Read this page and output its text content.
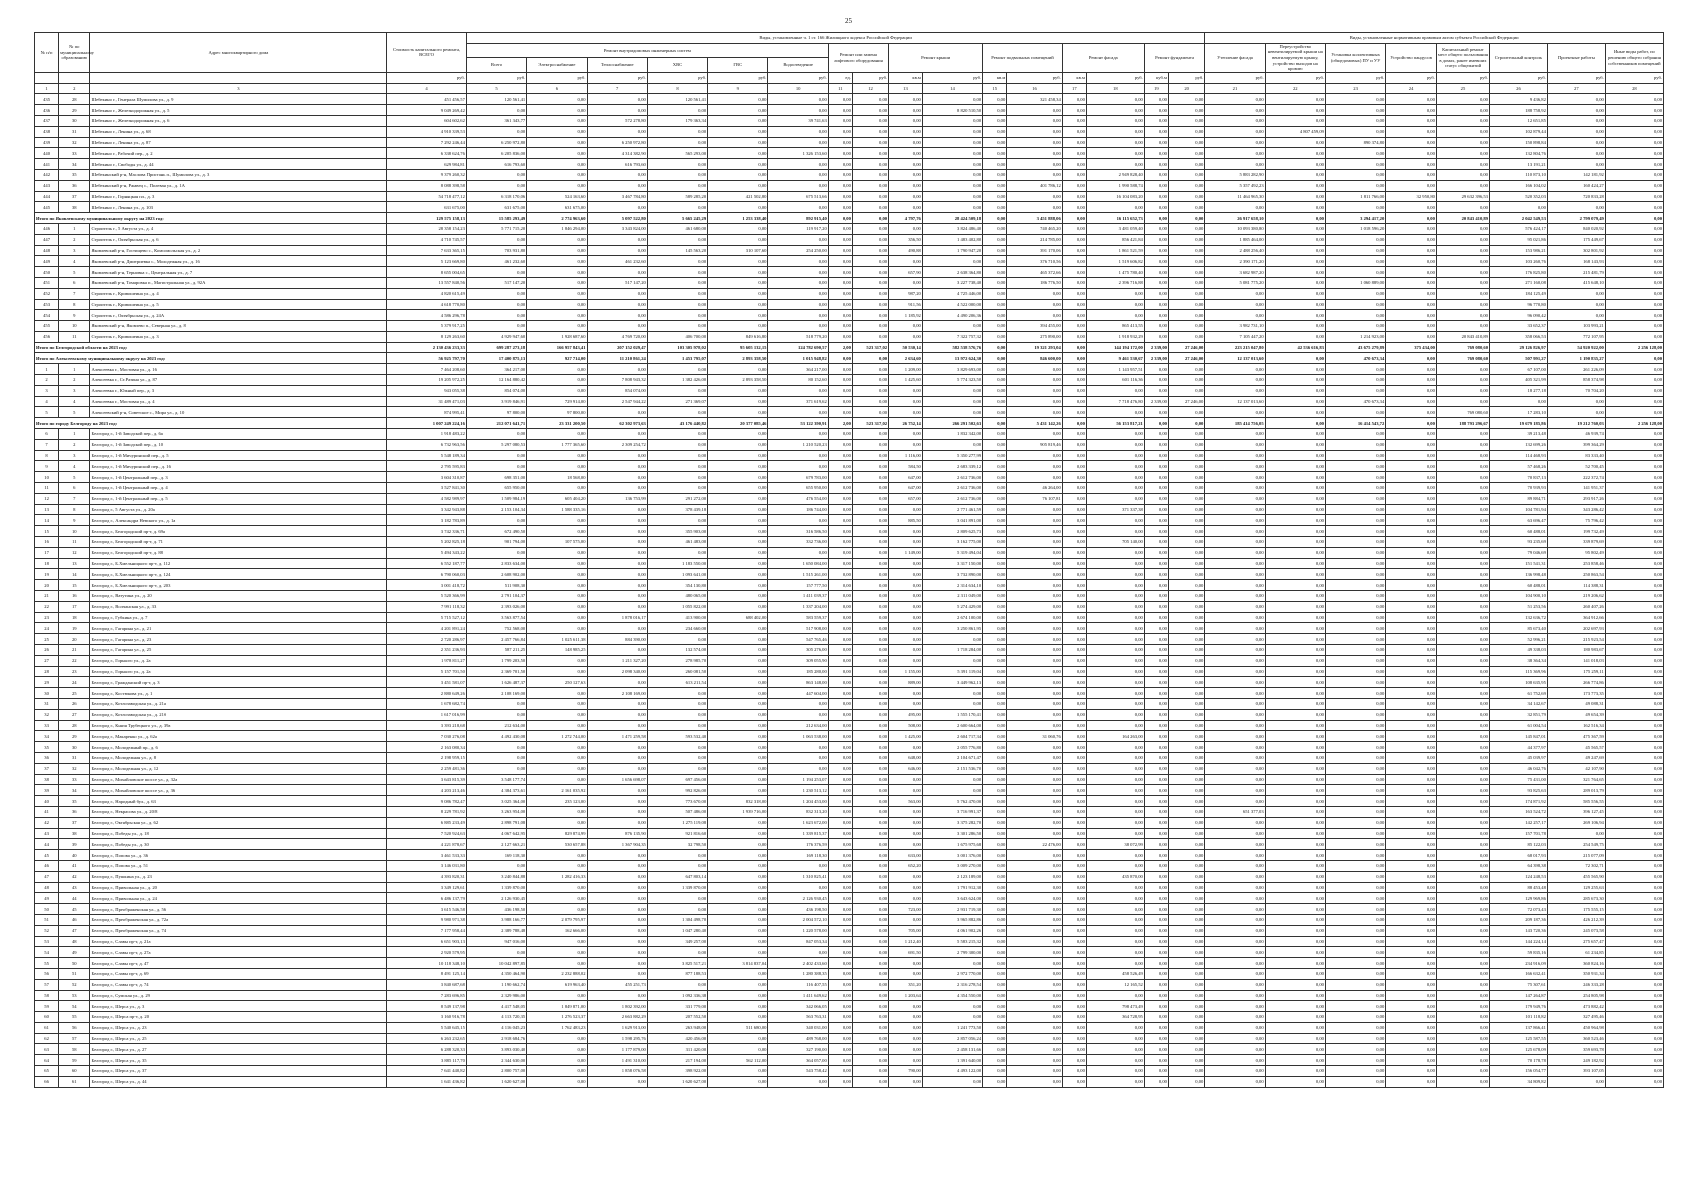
25
№ п/п	№ по муниципальному образованию	Адрес многоквартирного дома	Стоимость капитального ремонта, ВСЕГО	Виды, установленные ч. 1 ст. 166 Жилищного кодекса Российской Федерации																Виды, установленные нормативным правовым актом субъекта Российской Федерации							
				Ремонт внутридомовых инженерных систем						Ремонт или замена лифтового оборудования		Ремонт крыши		Ремонт подвальных помещений		Ремонт фасада		Ремонт фундамента		Утепление фасада	Переустройство невентилируемой крыши на вентилируемую крышу, устройство выходов на кровлю	Установка коллективных (общедомовых) ПУ и УУ	Устройство пандусов	Капитальный ремонт мест общего пользования в домах, ранее имевших статус общежитий	Строительный контроль	Проектные работы	Иные виды работ, по решению общего собрания собственников помещений
				Всего	Электроснабжение	Теплоснабжение	ХВС	ГВС	Водоотведение																		
			руб.	руб.	руб.	руб.	руб.	руб.	руб.	ед.	руб.	кв.м	руб.	кв.м	руб.	кв.м	руб.	куб.м	руб.	руб.	руб.	руб.	руб.	руб.	руб.	руб.	руб.
1	2	3	4	5	6	7	8	9	10	11	12	13	14	15	16	17	18	19	20	21	22	23	24	25	26	27	28
435	28	Шебекино г., Генерала Шумилова ул., д. 9	451 456,57	120 561,41	0,00	0,00	120 561,41	0,00	0,00	0,00	0,00	0,00	0,00	0,00	321 458,34	0,00	0,00	0,00	0,00	0,00	0,00	0,00	0,00	0,00	9 436,82	0,00	0,00
436	29	Шебекино г., Железнодорожная ул., д. 5	9 049 269,42	0,00	0,00	0,00	0,00	0,00	0,00	0,00	0,00	0,00	8 820 510,50	0,00	0,00	0,00	0,00	0,00	0,00	0,00	0,00	0,00	0,00	0,00	188 758,92	0,00	0,00
437	30	Шебекино г., Железнодорожная ул., д. 6	604 602,62	361 343,77	0,00	572 278,80	179 363,34	0,00	39 741,63	0,00	0,00	0,00	0,00	0,00	0,00	0,00	0,00	0,00	0,00	0,00	0,00	0,00	0,00	0,00	12 651,85	0,00	0,00
438	31	Шебекино г., Ленина ул., д. 68	4 910 339,53	0,00	0,00	0,00	0,00	0,00	0,00	0,00	0,00	0,00	0,00	0,00	0,00	0,00	0,00	0,00	0,00	0,00	4 807 459,09	0,00	0,00	0,00	102 879,44	0,00	0,00
439	32	Шебекино г., Ленина ул., д. 87	7 292 246,44	6 250 972,80	0,00	6 250 972,80	0,00	0,00	0,00	0,00	0,00	0,00	0,00	0,00	0,00	0,00	0,00	0,00	0,00	0,00	0,00	890 374,80	0,00	0,00	150 898,84	0,00	0,00
440	33	Шебекино г., Рабочий пер., д. 2	6 338 624,76	6 205 836,00	0,00	4 314 382,90	565 293,00	0,00	1 326 153,60	0,00	0,00	0,00	0,00	0,00	0,00	0,00	0,00	0,00	0,00	0,00	0,00	0,00	0,00	0,00	132 804,76	0,00	0,00
441	34	Шебекино г., Свободы ул., д. 44	629 984,81	616 793,60	0,00	616 793,60	0,00	0,00	0,00	0,00	0,00	0,00	0,00	0,00	0,00	0,00	0,00	0,00	0,00	0,00	0,00	0,00	0,00	0,00	13 191,21	0,00	0,00
442	35	Шебекинский р-н, Маслова Пристань п., Шумилова ул., д. 3	9 379 260,32	0,00	0,00	0,00	0,00	0,00	0,00	0,00	0,00	0,00	0,00	0,00	0,00	0,00	2 949 828,40	0,00	0,00	5 883 282,90	0,00	0,00	0,00	0,00	110 873,10	142 181,92	0,00
443	36	Шебекинский р-н, Ржавец с., Полевая ул., д. 1А	8 088 398,58	0,00	0,00	0,00	0,00	0,00	0,00	0,00	0,00	0,00	0,00	0,00	401 786,12	0,00	1 990 588,74	0,00	0,00	5 357 492,23	0,00	0,00	0,00	0,00	166 104,02	160 424,27	0,00
444	37	Шебекино г., Горняцкая пл., д. 3	54 718 477,12	6 318 170,06	524 163,60	3 467 784,80	589 285,20	421 502,80	675 513,66	0,00	0,00	0,00	0,00	0,00	0,00	0,00	16 104 083,20	0,00	0,00	11 464 965,30	0,00	1 811 766,00	32 950,80	29 632 396,53	520 352,03	720 833,28	0,00
445	38	Шебекино г., Ленина ул., д. 103	631 675,00	631 675,00	631 675,00	0,00	0,00	0,00	0,00	0,00	0,00	0,00	0,00	0,00	0,00	0,00	0,00	0,00	0,00	0,00	0,00	0,00	0,00	0,00	0,00	0,00	0,00
Итого по Яковлевскому муниципальному округу на 2023 год:			129 575 158,13	15 585 293,49	2 774 963,60	5 097 522,80	5 665 245,29	1 253 338,40	892 915,40	0,00	0,00	4 797,76	28 424 509,18	0,00	3 451 888,06	0,00	16 115 652,73	0,00	0,00	26 917 658,10	0,00	3 294 417,20	0,00	20 843 410,89	2 042 549,53	2 799 079,49	0,00
446	1	Строитель г., 5 Августа ул., д. 4	28 358 154,23	5 771 715,20	1 846 294,00	3 343 824,00	461 680,00	0,00	119 917,20	0,00	0,00	0,00	3 824 486,40	0,00	740 465,20	0,00	3 481 059,40	0,00	0,00	10 093 380,80	0,00	1 018 596,20	0,00	0,00	576 424,17	840 020,92	0,00
447	2	Строитель г., Октябрьская ул., д. 6	4 710 745,57	0,00	0,00	0,00	0,00	0,00	0,00	0,00	0,00	356,50	1 483 402,80	0,00	214 785,00	0,00	856 421,84	0,00	0,00	1 885 464,00	0,00	0,00	0,00	0,00	95 021,86	175 449,67	0,00
448	3	Яковлевский р-н, Гостищево с., Комсомольская ул., д. 2	7 633 365,15	703 931,80	0,00	0,00	145 563,20	310 107,60	254 250,00	0,00	0,00	490,88	1 790 947,20	0,00	391 170,06	0,00	1 861 521,59	0,00	0,00	2 488 256,40	0,00	0,00	0,00	0,00	153 986,21	302 801,92	0,00
449	4	Яковлевский р-н, Дмитриевка с., Молодежная ул., д. 16	5 123 669,80	461 232,60	0,00	461 232,60	0,00	0,00	0,00	0,00	0,00	0,00	0,00	0,00	376 710,56	0,00	1 519 606,82	0,00	0,00	2 390 171,20	0,00	0,00	0,00	0,00	103 260,76	168 143,93	0,00
450	5	Яковлевский р-н, Терновка с., Центральная ул., д. 7	8 655 004,65	0,00	0,00	0,00	0,00	0,00	0,00	0,00	0,00	657,90	2 638 364,80	0,00	465 372,66	0,00	1 475 780,40	0,00	0,00	3 682 987,20	0,00	0,00	0,00	0,00	176 825,80	215 481,79	0,00
451	6	Яковлевский р-н, Томаровка п., Магистральная ул., д. 92А	13 557 840,56	517 147,20	0,00	517 147,20	0,00	0,00	0,00	0,00	0,00	0,00	3 227 738,40	0,00	186 776,50	0,00	2 396 716,88	0,00	0,00	5 081 775,20	0,00	1 060 889,00	0,00	0,00	271 160,08	415 648,10	0,00
452	7	Строитель г., Кривошеина ул., д. 4	4 820 615,49	0,00	0,00	0,00	0,00	0,00	0,00	0,00	0,00	987,20	4 725 446,00	0,00	0,00	0,00	0,00	0,00	0,00	0,00	0,00	0,00	0,00	0,00	184 125,49	0,00	0,00
453	8	Строитель г., Кривошеина ул., д. 5	4 618 770,80	0,00	0,00	0,00	0,00	0,00	0,00	0,00	0,00	911,56	4 522 000,00	0,00	0,00	0,00	0,00	0,00	0,00	0,00	0,00	0,00	0,00	0,00	96 770,80	0,00	0,00
454	9	Строитель г., Октябрьская ул., д. 24А	4 586 296,78	0,00	0,00	0,00	0,00	0,00	0,00	0,00	0,00	1 185,92	4 490 206,36	0,00	0,00	0,00	0,00	0,00	0,00	0,00	0,00	0,00	0,00	0,00	96 090,42	0,00	0,00
455	10	Яковлевский р-н, Яковлево п., Северная ул., д. 8	5 379 917,25	0,00	0,00	0,00	0,00	0,00	0,00	0,00	0,00	0,00	0,00	0,00	394 455,00	0,00	865 413,55	0,00	0,00	3 982 731,10	0,00	0,00	0,00	0,00	33 652,37	103 993,21	0,00
456	11	Строитель г., Кривошеина ул., д. 3	8 129 263,60	4 929 947,60	1 928 687,60	4 769 720,00	406 700,00	849 616,80	518 779,20	0,00	0,00	0,00	7 322 757,32	0,00	275 890,00	0,00	1 918 932,29	0,00	0,00	7 105 447,20	0,00	1 214 923,00	0,00	20 843 410,89	358 066,53	772 107,95	0,00
Итого по Белгородской области на 2023 год:			2 130 436 233,33	699 287 273,18	166 957 843,41	207 152 029,47	103 305 978,02	95 605 132,15	124 782 690,57	2,00	523 317,02	50 530,14	582 538 576,76	0,00	19 321 293,04	0,00	144 194 172,00	2 339,00	27 246,00	223 215 047,80	42 536 616,83	43 675 279,89	375 434,00	769 080,60	29 126 826,97	54 920 922,00	2 256 128,00
Итого по Алексеевскому муниципальному округу на 2023 год:			56 925 797,70	17 400 875,13	927 714,00	11 210 861,24	1 453 795,07	2 893 358,50	1 015 948,82	0,00	0,00	2 634,60	13 972 624,30	0,00	846 600,00	0,00	9 461 530,67	2 339,00	27 246,00	12 137 013,60	0,00	470 673,34	0,00	769 080,60	507 991,27	1 190 835,27	0,00
1	1	Алексеевка г., Мостовая ул., д. 16	7 464 208,60	364 217,00	0,00	0,00	0,00	0,00	364 217,00	0,00	0,00	1 209,00	3 829 693,00	0,00	0,00	0,00	1 143 957,51	0,00	0,00	0,00	0,00	0,00	0,00	0,00	67 107,00	261 226,09	0,00
2	2	Алексеевка г., Ст.Разина ул., д. 87	19 205 972,25	12 164 880,42	0,00	7 808 943,32	1 382 426,00	2 893 358,50	80 152,60	0,00	0,00	1 425,60	5 774 323,50	0,00	0,00	0,00	601 116,36	0,00	0,00	0,00	0,00	0,00	0,00	0,00	405 321,99	858 374,98	0,00
3	3	Алексеевка г., Южный пер., д. 3	943 055,38	854 074,00	0,00	854 074,00	0,00	0,00	0,00	0,00	0,00	0,00	0,00	0,00	0,00	0,00	0,00	0,00	0,00	0,00	0,00	0,00	0,00	0,00	18 277,18	70 704,20	0,00
4	4	Алексеевка г., Мостовая ул., д. 4	31 489 471,03	3 919 846,91	729 914,00	2 547 944,22	271 369,07	0,00	371 619,62	0,00	0,00	0,00	0,00	0,00	0,00	0,00	7 718 476,80	2 339,00	27 246,00	12 137 013,60	0,00	470 673,34	0,00	0,00	0,00	0,00	0,00
5	5	Алексеевский р-н, Советское с., Мира ул., д. 10	874 995,41	97 800,00	97 800,00	0,00	0,00	0,00	0,00	0,00	0,00	0,00	0,00	0,00	0,00	0,00	0,00	0,00	0,00	0,00	0,00	0,00	0,00	769 080,60	17 283,10	0,00	0,00
Итого по городу Белгороду на 2023 год:			1 007 249 224,16	212 071 641,71	23 331 200,50	62 302 973,63	43 176 440,82	20 377 085,46	53 122 390,91	2,00	523 317,02	26 752,14	266 291 502,63	0,00	5 431 142,26	0,00	56 153 817,21	0,00	0,00	185 414 756,05	0,00	16 414 543,72	0,00	188 793 296,67	19 679 185,86	19 212 760,03	2 256 128,00
6	1	Белгород г., 1-й Заводской пер., д. 6а	1 918 483,22	0,00	0,00	0,00	0,00	0,00	0,00	0,00	0,00	0,00	1 832 342,00	0,00	0,00	0,00	0,00	0,00	0,00	0,00	0,00	0,00	0,00	0,00	39 213,48	46 939,74	0,00
7	2	Белгород г., 1-й Заводской пер., д. 10	6 732 963,56	5 297 080,53	1 777 365,60	2 309 254,72	0,00	0,00	1 210 520,23	0,00	0,00	0,00	0,00	0,00	905 819,46	0,00	0,00	0,00	0,00	0,00	0,00	0,00	0,00	0,00	132 699,26	399 364,29	0,00
8	3	Белгород г., 1-й Мичуринский пер., д. 5	5 548 189,34	0,00	0,00	0,00	0,00	0,00	0,00	0,00	0,00	1 116,00	5 350 277,99	0,00	0,00	0,00	0,00	0,00	0,00	0,00	0,00	0,00	0,00	0,00	114 468,93	83 333,40	0,00
9	4	Белгород г., 1-й Мичуринский пер., д. 16	2 795 595,83	0,00	0,00	0,00	0,00	0,00	0,00	0,00	0,00	584,50	2 683 339,12	0,00	0,00	0,00	0,00	0,00	0,00	0,00	0,00	0,00	0,00	0,00	57 468,26	52 700,45	0,00
10	5	Белгород г., 1-й Центральный пер., д. 3	3 604 310,87	698 351,00	18 568,00	0,00	0,00	0,00	679 783,00	0,00	0,00	647,00	2 612 736,00	0,00	0,00	0,00	0,00	0,00	0,00	0,00	0,00	0,00	0,00	0,00	70 837,13	222 372,74	0,00
11	6	Белгород г., 1-й Центральный пер., д. 4	3 527 841,30	655 950,00	0,00	0,00	0,00	0,00	655 950,00	0,00	0,00	647,00	2 612 736,00	0,00	46 264,00	0,00	0,00	0,00	0,00	0,00	0,00	0,00	0,00	0,00	70 939,93	141 951,37	0,00
12	7	Белгород г., 1-й Центральный пер., д. 5	4 582 989,97	1 509 984,19	605 404,20	136 753,99	291 272,00	0,00	476 554,00	0,00	0,00	657,00	2 612 736,00	0,00	76 107,81	0,00	0,00	0,00	0,00	0,00	0,00	0,00	0,00	0,00	89 884,71	293 917,26	0,00
13	8	Белгород г., 5 Августа ул., д. 20а	3 342 943,88	2 153 104,34	1 588 335,16	0,00	378 439,18	0,00	186 744,00	0,00	0,00	0,00	2 771 461,59	0,00	0,00	0,00	371 337,38	0,00	0,00	0,00	0,00	0,00	0,00	0,00	104 781,94	343 286,42	0,00
14	9	Белгород г., Александра Невского ул., д. 1а	3 182 783,89	0,00	0,00	0,00	0,00	0,00	0,00	0,00	0,00	885,50	3 041 891,00	0,00	0,00	0,00	0,00	0,00	0,00	0,00	0,00	0,00	0,00	0,00	63 696,47	75 796,42	0,00
15	10	Белгород г., Белгородский пр-т, д. 69а	3 742 336,71	672 490,50	0,00	0,00	355 903,00	0,00	316 586,50	0,00	0,00	0,00	2 809 625,73	0,00	0,00	0,00	0,00	0,00	0,00	0,00	0,00	0,00	0,00	0,00	60 488,01	199 732,49	0,00
16	11	Белгород г., Белгородский пр-т, д. 71	5 202 825,18	901 794,00	107 575,00	0,00	461 483,00	0,00	332 736,00	0,00	0,00	0,00	3 162 775,00	0,00	0,00	0,00	705 140,00	0,00	0,00	0,00	0,00	0,00	0,00	0,00	93 235,69	339 879,69	0,00
17	12	Белгород г., Белгородский пр-т, д. 88	5 494 343,22	0,00	0,00	0,00	0,00	0,00	0,00	0,00	0,00	1 149,00	5 319 494,04	0,00	0,00	0,00	0,00	0,00	0,00	0,00	0,00	0,00	0,00	0,00	79 046,69	95 802,49	0,00
18	13	Белгород г., Б.Хмельницкого пр-т, д. 112	6 552 187,77	2 833 634,00	0,00	0,00	1 183 550,00	0,00	1 650 084,00	0,00	0,00	0,00	3 317 150,00	0,00	0,00	0,00	0,00	0,00	0,00	0,00	0,00	0,00	0,00	0,00	151 541,31	253 858,46	0,00
19	14	Белгород г., Б.Хмельницкого пр-т, д. 124	6 790 060,03	2 608 902,00	0,00	0,00	1 093 641,00	0,00	1 515 261,00	0,00	0,00	0,00	3 732 890,00	0,00	0,00	0,00	0,00	0,00	0,00	0,00	0,00	0,00	0,00	0,00	136 998,48	250 863,54	0,00
20	15	Белгород г., Б.Хмельницкого пр-т, д. 203	3 001 418,72	511 908,30	0,00	0,00	354 130,80	0,00	157 777,50	0,00	0,00	0,00	2 314 634,10	0,00	0,00	0,00	0,00	0,00	0,00	0,00	0,00	0,00	0,00	0,00	60 488,01	114 388,31	0,00
21	16	Белгород г., Ватутина ул., д. 20	5 520 366,99	2 791 104,37	0,00	0,00	480 065,00	0,00	1 411 039,37	0,00	0,00	0,00	2 311 049,00	0,00	0,00	0,00	0,00	0,00	0,00	0,00	0,00	0,00	0,00	0,00	104 900,10	219 206,62	0,00
22	17	Белгород г., Волчанская ул., д. 33	7 991 118,32	2 393 026,00	0,00	0,00	1 055 822,00	0,00	1 337 204,00	0,00	0,00	0,00	5 274 429,00	0,00	0,00	0,00	0,00	0,00	0,00	0,00	0,00	0,00	0,00	0,00	51 253,56	260 407,26	0,00
23	18	Белгород г., Губкина ул., д. 7	5 715 527,12	3 563 877,54	0,00	1 878 016,17	413 900,00	688 402,00	583 559,37	0,00	0,00	0,00	2 674 100,00	0,00	0,00	0,00	0,00	0,00	0,00	0,00	0,00	0,00	0,00	0,00	132 636,72	364 912,66	0,00
24	19	Белгород г., Гагарина ул., д. 21	4 201 891,24	752 568,00	0,00	0,00	234 660,00	0,00	517 908,00	0,00	0,00	0,00	3 250 861,95	0,00	0,00	0,00	0,00	0,00	0,00	0,00	0,00	0,00	0,00	0,00	85 673,40	202 697,93	0,00
25	20	Белгород г., Гагарина ул., д. 23	2 720 286,97	2 457 766,84	1 025 611,38	884 390,00	0,00	0,00	547 765,46	0,00	0,00	0,00	0,00	0,00	0,00	0,00	0,00	0,00	0,00	0,00	0,00	0,00	0,00	0,00	52 996,21	215 923,54	0,00
26	21	Белгород г., Гагарина ул., д. 25	2 351 236,93	587 211,25	148 985,25	0,00	132 574,00	0,00	305 276,00	0,00	0,00	0,00	1 718 284,00	0,00	0,00	0,00	0,00	0,00	0,00	0,00	0,00	0,00	0,00	0,00	49 338,03	180 983,67	0,00
27	22	Белгород г., Горького ул., д. 2а	1 978 811,27	1 799 203,50	0,00	1 211 327,20	278 985,70	0,00	309 055,90	0,00	0,00	0,00	0,00	0,00	0,00	0,00	0,00	0,00	0,00	0,00	0,00	0,00	0,00	0,00	38 364,34	141 018,03	0,00
28	23	Белгород г., Горького ул., д. 2а	5 157 701,50	2 369 701,50	0,00	2 098 340,00	260 081,50	0,00	185 280,00	0,00	0,00	1 155,00	5 391 119,04	0,00	0,00	0,00	0,00	0,00	0,00	0,00	0,00	0,00	0,00	0,00	115 369,96	175 259,11	0,00
29	24	Белгород г., Гражданский пр-т, д. 3	3 451 581,07	1 626 487,37	250 127,63	0,00	613 211,54	0,00	863 148,00	0,00	0,00	889,00	3 449 962,13	0,00	0,00	0,00	0,00	0,00	0,00	0,00	0,00	0,00	0,00	0,00	108 635,95	266 774,86	0,00
30	25	Белгород г., Костюкова ул., д. 1	2 880 649,26	2 108 169,00	0,00	2 108 169,00	0,00	0,00	447 604,00	0,00	0,00	0,00	0,00	0,00	0,00	0,00	0,00	0,00	0,00	0,00	0,00	0,00	0,00	0,00	61 752,69	173 773,35	0,00
31	26	Белгород г., Котлозаводская ул., д. 21а	1 678 682,74	0,00	0,00	0,00	0,00	0,00	0,00	0,00	0,00	0,00	0,00	0,00	0,00	0,00	0,00	0,00	0,00	0,00	0,00	0,00	0,00	0,00	34 142,67	49 088,31	0,00
32	27	Белгород г., Котлозаводская ул., д. 21б	1 617 016,99	0,00	0,00	0,00	0,00	0,00	0,00	0,00	0,00	495,00	1 555 170,41	0,00	0,00	0,00	0,00	0,00	0,00	0,00	0,00	0,00	0,00	0,00	32 851,79	49 654,39	0,00
33	28	Белгород г., Князя Трубецкого ул., д. 39а	3 393 218,68	212 634,00	0,00	0,00	0,00	0,00	212 634,00	0,00	0,00	508,00	2 600 664,00	0,00	0,00	0,00	0,00	0,00	0,00	0,00	0,00	0,00	0,00	0,00	61 004,54	162 516,34	0,00
34	29	Белгород г., Макаренко ул., д. 62а	7 030 276,08	4 492 430,08	1 272 744,00	1 471 259,58	593 532,40	0,00	1 063 538,00	0,00	0,00	1 425,00	2 604 717,34	0,00	31 060,76	0,00	164 263,00	0,00	0,00	0,00	0,00	0,00	0,00	0,00	145 847,01	475 367,59	0,00
35	30	Белгород г., Молодежный пр., д. 6	2 163 080,34	0,00	0,00	0,00	0,00	0,00	0,00	0,00	0,00	0,00	2 055 776,80	0,00	0,00	0,00	0,00	0,00	0,00	0,00	0,00	0,00	0,00	0,00	44 377,97	45 565,57	0,00
36	31	Белгород г., Молодежная ул., д. 8	2 198 959,15	0,00	0,00	0,00	0,00	0,00	0,00	0,00	0,00	648,00	2 104 671,47	0,00	0,00	0,00	0,00	0,00	0,00	0,00	0,00	0,00	0,00	0,00	45 039,97	49 247,69	0,00
37	32	Белгород г., Молодежная ул., д. 12	2 259 481,36	0,00	0,00	0,00	0,00	0,00	0,00	0,00	0,00	646,00	2 151 536,70	0,00	0,00	0,00	0,00	0,00	0,00	0,00	0,00	0,00	0,00	0,00	46 042,76	42 107,90	0,00
38	33	Белгород г., Михайловское шоссе ул., д. 32а	3 643 815,39	3 548 177,74	0,00	1 656 698,07	697 456,00	0,00	1 194 253,07	0,00	0,00	0,00	0,00	0,00	0,00	0,00	0,00	0,00	0,00	0,00	0,00	0,00	0,00	0,00	75 431,00	321 764,65	0,00
39	34	Белгород г., Михайловское шоссе ул., д. 36	4 203 213,46	4 384 373,61	2 161 035,92	0,00	992 826,00	0,00	1 230 513,12	0,00	0,00	0,00	0,00	0,00	0,00	0,00	0,00	0,00	0,00	0,00	0,00	0,00	0,00	0,00	93 825,63	289 013,79	0,00
40	35	Белгород г., Народный бул., д. 63	9 086 782,47	3 025 364,00	235 123,00	0,00	773 670,00	832 318,00	1 204 453,00	0,00	0,00	563,00	5 762 470,00	0,00	0,00	0,00	0,00	0,00	0,00	0,00	0,00	0,00	0,00	0,00	174 871,92	585 556,55	0,00
41	36	Белгород г., Некрасова ул., д. 20/8	8 229 781,92	3 263 954,00	0,00	0,00	507 486,00	1 939 716,00	832 313,20	0,00	0,00	0,00	3 716 991,37	0,00	0,00	0,00	0,00	0,00	0,00	651 377,03	0,00	0,00	0,00	0,00	163 524,72	396 127,45	0,00
42	37	Белгород г., Октябрьская ул., д. 62	6 885 233,49	2 898 791,08	0,00	0,00	1 275 119,08	0,00	1 623 672,00	0,00	0,00	0,00	3 375 282,70	0,00	0,00	0,00	0,00	0,00	0,00	0,00	0,00	0,00	0,00	0,00	142 257,17	269 106,94	0,00
43	38	Белгород г., Победы ул., д. 18	7 520 924,63	4 067 642,95	829 874,99	876 135,90	921 816,60	0,00	1 339 815,37	0,00	0,00	0,00	3 301 286,50	0,00	0,00	0,00	0,00	0,00	0,00	0,00	0,00	0,00	0,00	0,00	157 701,78	0,00	0,00
44	39	Белгород г., Победы ул., д. 30	4 221 878,67	2 127 663,21	530 657,88	1 367 904,35	32 798,50	0,00	176 376,59	0,00	0,00	0,00	1 675 975,68	0,00	22 476,00	0,00	38 072,99	0,00	0,00	0,00	0,00	0,00	0,00	0,00	85 122,03	254 549,75	0,00
45	40	Белгород г., Попова ул., д. 36	3 461 533,33	169 118,30	0,00	0,00	0,00	0,00	169 118,30	0,00	0,00	633,00	3 001 376,00	0,00	0,00	0,00	0,00	0,00	0,00	0,00	0,00	0,00	0,00	0,00	68 017,93	215 077,09	0,00
46	41	Белгород г., Попова ул., д. 51	3 146 031,80	0,00	0,00	0,00	0,00	0,00	0,00	0,00	0,00	652,20	3 009 270,00	0,00	0,00	0,00	0,00	0,00	0,00	0,00	0,00	0,00	0,00	0,00	64 398,38	72 302,71	0,00
47	42	Белгород г., Пушкина ул., д. 23	4 393 820,31	3 240 844,88	1 282 416,33	0,00	647 803,14	0,00	1 310 825,41	0,00	0,00	0,00	2 123 189,00	0,00	0,00	0,00	435 870,00	0,00	0,00	0,00	0,00	0,00	0,00	0,00	124 248,53	455 565,90	0,00
48	43	Белгород г., Привольная ул., д. 20	3 349 129,61	1 339 870,00	0,00	0,00	1 339 870,00	0,00	0,00	0,00	0,00	0,00	1 791 912,30	0,00	0,00	0,00	0,00	0,00	0,00	0,00	0,00	0,00	0,00	0,00	88 453,48	129 255,63	0,00
49	44	Белгород г., Привольная ул., д. 24	6 486 137,79	2 126 930,45	0,00	0,00	0,00	0,00	2 126 930,45	0,00	0,00	0,00	3 643 624,00	0,00	0,00	0,00	0,00	0,00	0,00	0,00	0,00	0,00	0,00	0,00	129 969,86	285 673,30	0,00
50	45	Белгород г., Преображенская ул., д. 56	3 615 546,58	436 198,50	0,00	0,00	0,00	0,00	436 198,50	0,00	0,00	723,00	2 931 719,30	0,00	0,00	0,00	0,00	0,00	0,00	0,00	0,00	0,00	0,00	0,00	72 073,43	175 555,15	0,00
51	46	Белгород г., Преображенская ул., д. 72а	9 980 971,38	3 988 166,77	2 079 795,97	0,00	1 304 498,70	0,00	2 004 572,10	0,00	0,00	0,00	3 965 882,86	0,00	0,00	0,00	0,00	0,00	0,00	0,00	0,00	0,00	0,00	0,00	209 187,36	426 212,39	0,00
52	47	Белгород г., Преображенская ул., д. 74	7 177 958,44	2 389 788,48	162 666,00	0,00	1 047 280,40	0,00	1 220 578,00	0,00	0,00	705,00	4 061 902,26	0,00	0,00	0,00	0,00	0,00	0,00	0,00	0,00	0,00	0,00	0,00	143 720,36	245 073,58	0,00
53	48	Белгород г., Славы пр-т, д. 21а	6 651 903,13	947 016,00	0,00	0,00	349 257,00	0,00	847 053,34	0,00	0,00	1 212,40	5 583 215,32	0,00	0,00	0,00	0,00	0,00	0,00	0,00	0,00	0,00	0,00	0,00	144 224,14	275 657,47	0,00
54	49	Белгород г., Славы пр-т, д. 27а	2 920 579,95	0,00	0,00	0,00	0,00	0,00	0,00	0,00	0,00	691,50	2 799 300,00	0,00	0,00	0,00	0,00	0,00	0,00	0,00	0,00	0,00	0,00	0,00	59 835,16	61 234,85	0,00
55	50	Белгород г., Славы пр-т, д. 47	10 118 348,10	10 042 897,85	0,00	0,00	3 825 517,21	3 814 837,04	2 402 433,60	0,00	0,00	0,00	0,00	0,00	0,00	0,00	0,00	0,00	0,00	0,00	0,00	0,00	0,00	0,00	234 916,09	360 824,16	0,00
56	51	Белгород г., Славы пр-т, д. 69	8 491 125,14	4 350 464,90	2 232 888,02	0,00	877 188,53	0,00	1 280 388,35	0,00	0,00	0,00	2 972 770,00	0,00	0,00	0,00	458 526,49	0,00	0,00	0,00	0,00	0,00	0,00	0,00	166 632,41	350 931,34	0,00
57	52	Белгород г., Славы пр-т, д. 74	3 840 687,68	1 190 662,74	619 963,40	455 251,73	0,00	0,00	116 407,55	0,00	0,00	351,20	2 316 278,54	0,00	0,00	0,00	12 165,52	0,00	0,00	0,00	0,00	0,00	0,00	0,00	75 307,61	246 333,28	0,00
58	53	Белгород г., Сумская ул., д. 29	7 283 696,85	2 329 986,00	0,00	0,00	1 092 336,38	0,00	1 411 649,62	0,00	0,00	1 203,64	4 354 550,00	0,00	0,00	0,00	0,00	0,00	0,00	0,00	0,00	0,00	0,00	0,00	147 264,87	254 805,98	0,00
59	54	Белгород г., Шерса ул., д. 3	8 549 137,98	4 417 548,05	1 849 871,00	1 802 392,00	331 779,00	0,00	342 066,05	0,00	0,00	0,00	0,00	0,00	0,00	0,00	798 473,49	0,00	0,00	0,00	0,00	0,00	0,00	0,00	179 949,76	473 882,42	0,00
60	55	Белгород г., Шерса пр-т, д. 20	3 160 916,78	4 113 720,35	1 276 523,37	2 663 882,29	207 552,50	0,00	563 763,31	0,00	0,00	0,00	0,00	0,00	0,00	0,00	364 728,95	0,00	0,00	0,00	0,00	0,00	0,00	0,00	101 118,82	327 495,46	0,00
61	56	Белгород г., Шерса ул., д. 23	5 540 645,15	4 116 045,23	1 762 483,23	1 629 913,00	263 948,00	511 680,00	340 031,00	0,00	0,00	0,00	1 241 773,50	0,00	0,00	0,00	0,00	0,00	0,00	0,00	0,00	0,00	0,00	0,00	137 866,41	450 964,98	0,00
62	57	Белгород г., Шерса ул., д. 25	6 263 232,65	2 918 684,76	0,00	1 598 295,76	420 456,00	0,00	489 768,00	0,00	0,00	0,00	2 857 056,24	0,00	0,00	0,00	0,00	0,00	0,00	0,00	0,00	0,00	0,00	0,00	125 587,55	360 523,46	0,00
63	58	Белгород г., Шерса ул., д. 27	6 288 320,33	3 893 030,40	0,00	1 177 879,00	311 420,00	0,00	327 190,00	0,00	0,00	0,00	2 458 131,66	0,00	0,00	0,00	0,00	0,00	0,00	0,00	0,00	0,00	0,00	0,00	125 678,09	359 693,78	0,00
64	59	Белгород г., Шерса ул., д. 35	3 885 117,70	2 344 630,00	0,00	1 491 310,00	217 194,00	562 112,00	364 057,00	0,00	0,00	0,00	1 391 640,00	0,00	0,00	0,00	0,00	0,00	0,00	0,00	0,00	0,00	0,00	0,00	70 178,78	249 182,92	0,00
65	60	Белгород г., Шерса ул., д. 37	7 641 440,82	2 800 757,00	0,00	1 858 076,58	398 922,00	0,00	543 758,42	0,00	0,00	790,00	4 493 122,00	0,00	0,00	0,00	0,00	0,00	0,00	0,00	0,00	0,00	0,00	0,00	156 054,77	393 107,05	0,00
66	61	Белгород г., Шерса ул., д. 44	1 641 436,82	1 620 627,00	0,00	0,00	1 620 627,00	0,00	0,00	0,00	0,00	0,00	0,00	0,00	0,00	0,00	0,00	0,00	0,00	0,00	0,00	0,00	0,00	0,00	34 809,82	0,00	0,00
